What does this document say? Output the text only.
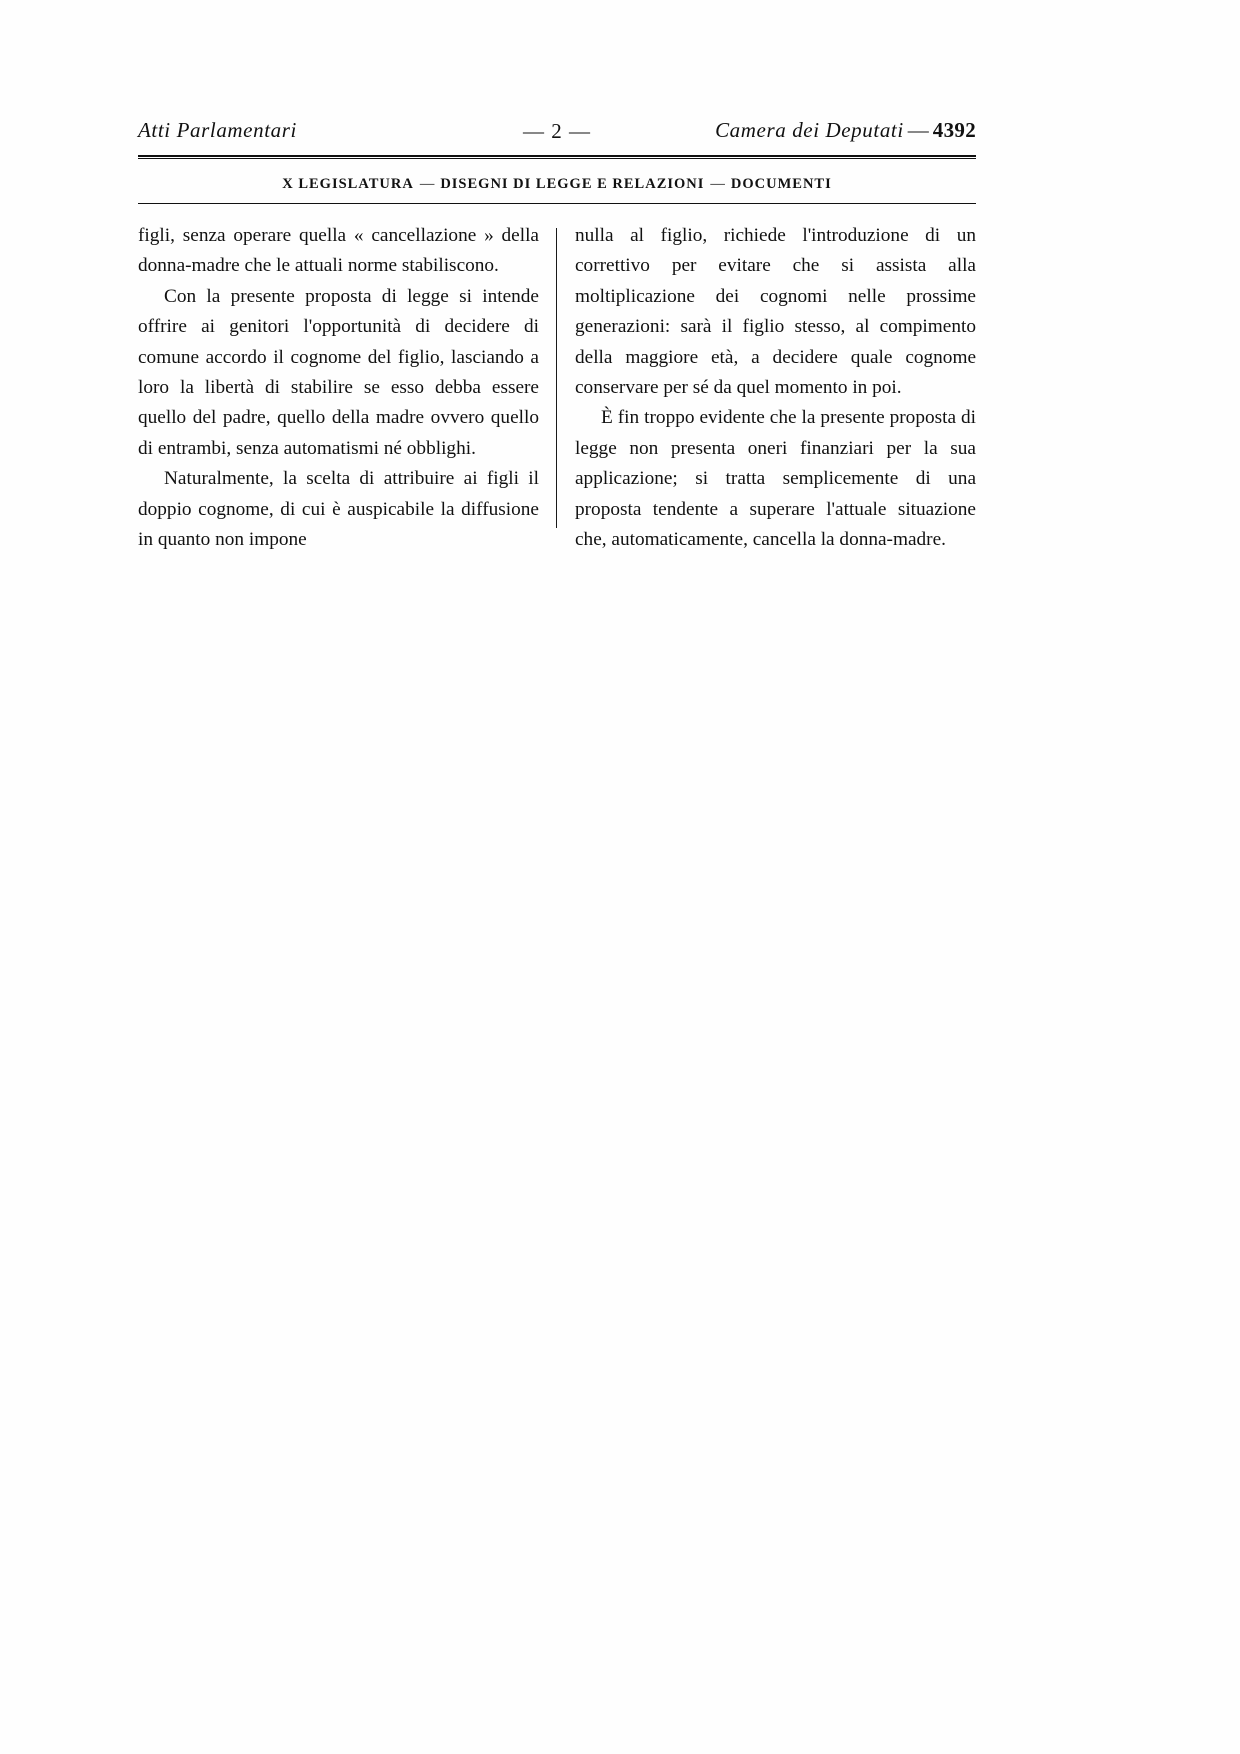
Atti Parlamentari	— 2 —	Camera dei Deputati — 4392
X LEGISLATURA — DISEGNI DI LEGGE E RELAZIONI — DOCUMENTI

figli, senza operare quella « cancellazione » della donna-madre che le attuali norme stabiliscono.

Con la presente proposta di legge si intende offrire ai genitori l'opportunità di decidere di comune accordo il cognome del figlio, lasciando a loro la libertà di stabilire se esso debba essere quello del padre, quello della madre ovvero quello di entrambi, senza automatismi né obblighi.

Naturalmente, la scelta di attribuire ai figli il doppio cognome, di cui è auspicabile la diffusione in quanto non impone

nulla al figlio, richiede l'introduzione di un correttivo per evitare che si assista alla moltiplicazione dei cognomi nelle prossime generazioni: sarà il figlio stesso, al compimento della maggiore età, a decidere quale cognome conservare per sé da quel momento in poi.

È fin troppo evidente che la presente proposta di legge non presenta oneri finanziari per la sua applicazione; si tratta semplicemente di una proposta tendente a superare l'attuale situazione che, automaticamente, cancella la donna-madre.
